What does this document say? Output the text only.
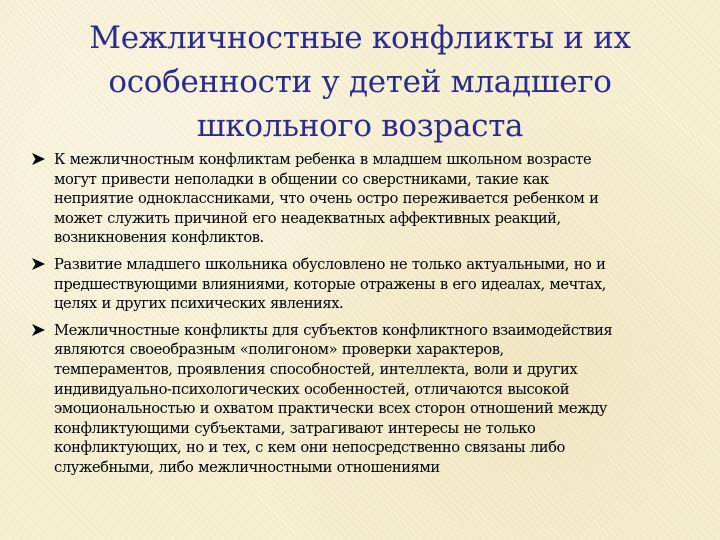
Межличностные конфликты и их
особенности у детей младшего
школьного возраста
К межличностным конфликтам ребенка в младшем школьном возрасте
могут привести неполадки в общении со сверстниками, такие как
неприятие одноклассниками, что очень остро переживается ребенком и
может служить причиной его неадекватных аффективных реакций,
возникновения конфликтов.
Развитие младшего школьника обусловлено не только актуальными, но и
предшествующими влияниями, которые отражены в его идеалах, мечтах,
целях и других психических явлениях.
Межличностные конфликты для субъектов конфликтного взаимодействия
являются своеобразным «полигоном» проверки характеров,
темпераментов, проявления способностей, интеллекта, воли и других
индивидуально-психологических особенностей, отличаются высокой
эмоциональностью и охватом практически всех сторон отношений между
конфликтующими субъектами, затрагивают интересы не только
конфликтующих, но и тех, с кем они непосредственно связаны либо
служебными, либо межличностными отношениями
